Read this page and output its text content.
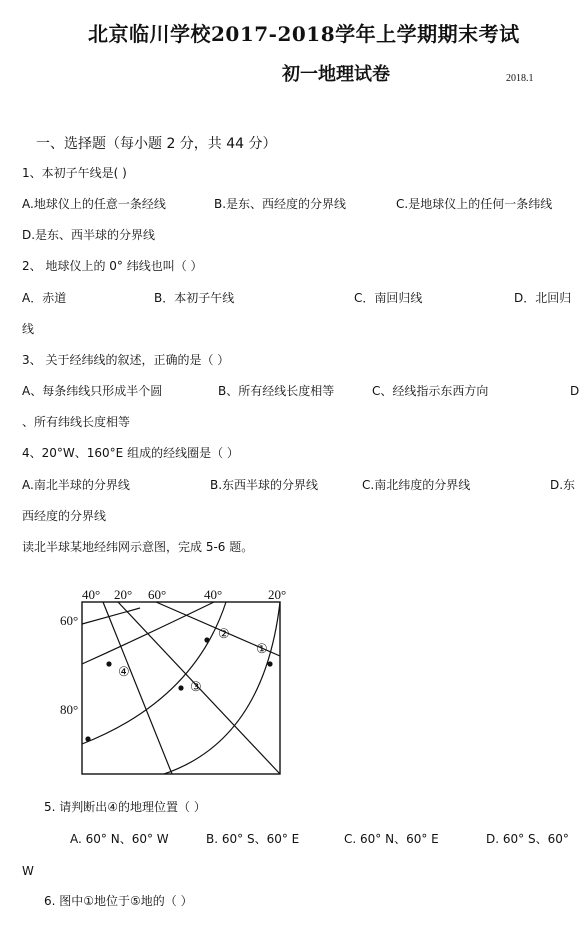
北京临川学校2017-2018学年上学期期末考试
初一地理试卷	2018.1
一、选择题（每小题 2 分，共 44 分）
1、本初子午线是( )
A.地球仪上的任意一条经线	B.是东、西经度的分界线	C.是地球仪上的任何一条纬线
D.是东、西半球的分界线
2、 地球仪上的 0° 纬线也叫（ ）
A．赤道	B．本初子午线	C．南回归线	D．北回归
线
3、 关于经纬线的叙述，正确的是（ ）
A、每条纬线只形成半个圆	B、所有经线长度相等	C、经线指示东西方向	D
、所有纬线长度相等
4、20°W、160°E 组成的经线圈是（ ）
A.南北半球的分界线	B.东西半球的分界线	C.南北纬度的分界线	D.东
西经度的分界线
读北半球某地经纬网示意图，完成 5-6 题。
40° 20° 60°	40°	20°
60°
80°
①
②
③
④
5. 请判断出④的地理位置（ ）
A. 60° N、60° W	B. 60° S、60° E	C. 60° N、60° E	D. 60° S、60°
W
6. 图中①地位于⑤地的（ ）
